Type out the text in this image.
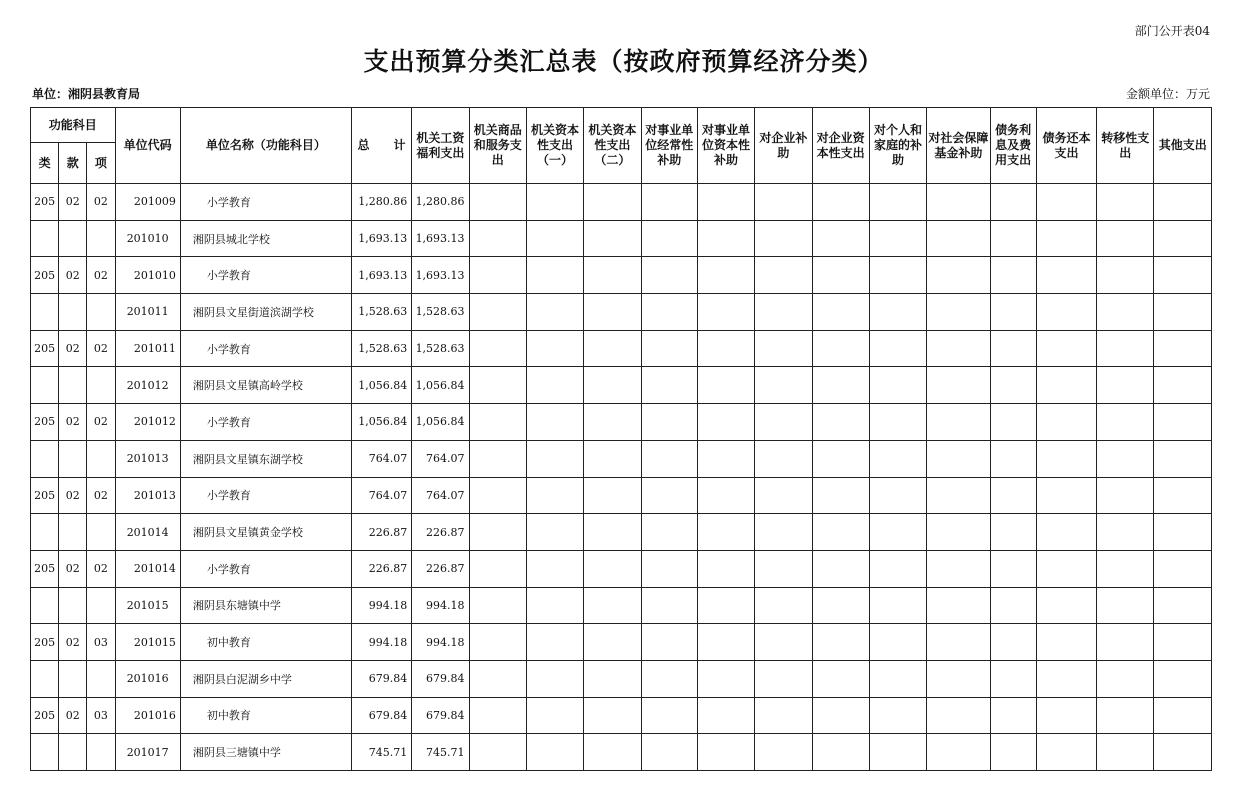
部门公开表04
支出预算分类汇总表（按政府预算经济分类）
单位：湘阴县教育局	金额单位：万元
功能科目			单位代码	单位名称（功能科目）	总　　计	机关工资福利支出	机关商品和服务支出	机关资本性支出（一）	机关资本性支出（二）	对事业单位经常性补助	对事业单位资本性补助	对企业补助	对企业资本性支出	对个人和家庭的补助	对社会保障基金补助	债务利息及费用支出	债务还本支出	转移性支出	其他支出
类	款	项																	
205	02	02	201009	小学教育	1,280.86	1,280.86													
			201010	湘阴县城北学校	1,693.13	1,693.13													
205	02	02	201010	小学教育	1,693.13	1,693.13													
			201011	湘阴县文星街道滨湖学校	1,528.63	1,528.63													
205	02	02	201011	小学教育	1,528.63	1,528.63													
			201012	湘阴县文星镇高岭学校	1,056.84	1,056.84													
205	02	02	201012	小学教育	1,056.84	1,056.84													
			201013	湘阴县文星镇东湖学校	764.07	764.07													
205	02	02	201013	小学教育	764.07	764.07													
			201014	湘阴县文星镇黄金学校	226.87	226.87													
205	02	02	201014	小学教育	226.87	226.87													
			201015	湘阴县东塘镇中学	994.18	994.18													
205	02	03	201015	初中教育	994.18	994.18													
			201016	湘阴县白泥湖乡中学	679.84	679.84													
205	02	03	201016	初中教育	679.84	679.84													
			201017	湘阴县三塘镇中学	745.71	745.71													
